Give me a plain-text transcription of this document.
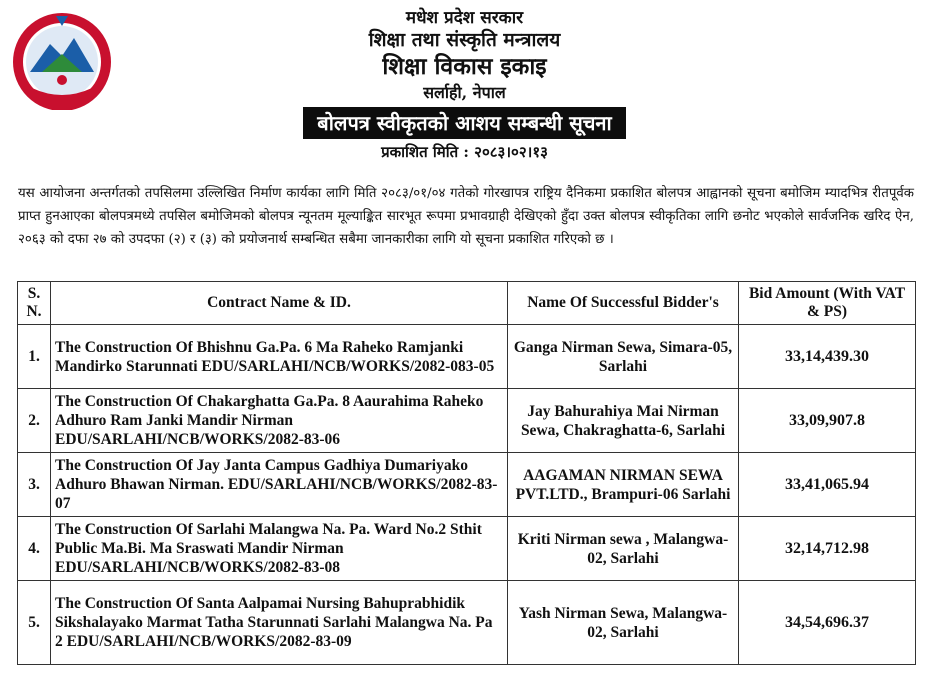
मधेश प्रदेश सरकार
शिक्षा तथा संस्कृति मन्त्रालय
शिक्षा विकास इकाइ
सर्लाही, नेपाल
बोलपत्र स्वीकृतको आशय सम्बन्धी सूचना
प्रकाशित मिति : २०८३।०२।१३
यस आयोजना अन्तर्गतको तपसिलमा उल्लिखित निर्माण कार्यका लागि मिति २०८३/०१/०४ गतेको गोरखापत्र राष्ट्रिय दैनिकमा प्रकाशित बोलपत्र आह्वानको सूचना बमोजिम म्यादभित्र रीतपूर्वक प्राप्त हुनआएका बोलपत्रमध्ये तपसिल बमोजिमको बोलपत्र न्यूनतम मूल्याङ्कित सारभूत रूपमा प्रभावग्राही देखिएको हुँदा उक्त बोलपत्र स्वीकृतिका लागि छनोट भएकोले सार्वजनिक खरिद ऐन, २०६३ को दफा २७ को उपदफा (२) र (३) को प्रयोजनार्थ सम्बन्धित सबैमा जानकारीका लागि यो सूचना प्रकाशित गरिएको छ ।
S. N.	Contract Name & ID.	Name Of Successful Bidder's	Bid Amount (With VAT & PS)
1.	The Construction Of Bhishnu Ga.Pa. 6 Ma Raheko Ramjanki Mandirko Starunnati EDU/SARLAHI/NCB/WORKS/2082-083-05	Ganga Nirman Sewa, Simara-05, Sarlahi	33,14,439.30
2.	The Construction Of Chakarghatta Ga.Pa. 8 Aaurahima Raheko Adhuro Ram Janki Mandir Nirman EDU/SARLAHI/NCB/WORKS/2082-83-06	Jay Bahurahiya Mai Nirman Sewa, Chakraghatta-6, Sarlahi	33,09,907.8
3.	The Construction Of Jay Janta Campus Gadhiya Dumariyako Adhuro Bhawan Nirman. EDU/SARLAHI/NCB/WORKS/2082-83-07	AAGAMAN NIRMAN SEWA PVT.LTD., Brampuri-06 Sarlahi	33,41,065.94
4.	The Construction Of Sarlahi Malangwa Na. Pa. Ward No.2 Sthit Public Ma.Bi. Ma Sraswati Mandir Nirman EDU/SARLAHI/NCB/WORKS/2082-83-08	Kriti Nirman sewa , Malangwa-02, Sarlahi	32,14,712.98
5.	The Construction Of Santa Aalpamai Nursing Bahuprabhidik Sikshalayako Marmat Tatha Starunnati Sarlahi Malangwa Na. Pa 2 EDU/SARLAHI/NCB/WORKS/2082-83-09	Yash Nirman Sewa, Malangwa-02, Sarlahi	34,54,696.37
